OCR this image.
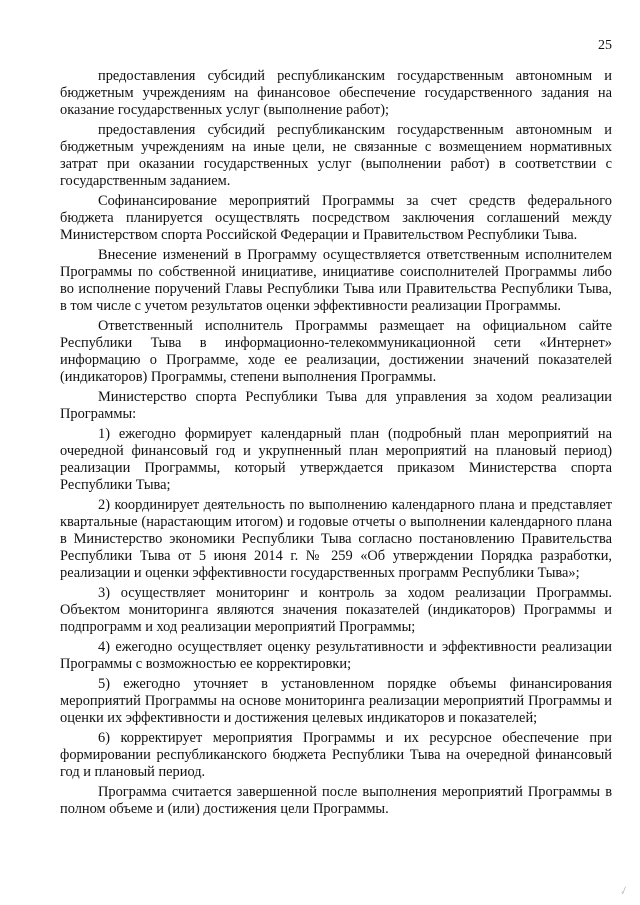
25

предоставления субсидий республиканским государственным автономным и бюджетным учреждениям на финансовое обеспечение государственного задания на оказание государственных услуг (выполнение работ);

предоставления субсидий республиканским государственным автономным и бюджетным учреждениям на иные цели, не связанные с возмещением нормативных затрат при оказании государственных услуг (выполнении работ) в соответствии с государственным заданием.

Софинансирование мероприятий Программы за счет средств федерального бюджета планируется осуществлять посредством заключения соглашений между Министерством спорта Российской Федерации и Правительством Республики Тыва.

Внесение изменений в Программу осуществляется ответственным исполнителем Программы по собственной инициативе, инициативе соисполнителей Программы либо во исполнение поручений Главы Республики Тыва или Правительства Республики Тыва, в том числе с учетом результатов оценки эффективности реализации Программы.

Ответственный исполнитель Программы размещает на официальном сайте Республики Тыва в информационно-телекоммуникационной сети «Интернет» информацию о Программе, ходе ее реализации, достижении значений показателей (индикаторов) Программы, степени выполнения Программы.

Министерство спорта Республики Тыва для управления за ходом реализации Программы:

1) ежегодно формирует календарный план (подробный план мероприятий на очередной финансовый год и укрупненный план мероприятий на плановый период) реализации Программы, который утверждается приказом Министерства спорта Республики Тыва;

2) координирует деятельность по выполнению календарного плана и представляет квартальные (нарастающим итогом) и годовые отчеты о выполнении календарного плана в Министерство экономики Республики Тыва согласно постановлению Правительства Республики Тыва от 5 июня 2014 г. № 259 «Об утверждении Порядка разработки, реализации и оценки эффективности государственных программ Республики Тыва»;

3) осуществляет мониторинг и контроль за ходом реализации Программы. Объектом мониторинга являются значения показателей (индикаторов) Программы и подпрограмм и ход реализации мероприятий Программы;

4) ежегодно осуществляет оценку результативности и эффективности реализации Программы с возможностью ее корректировки;

5) ежегодно уточняет в установленном порядке объемы финансирования мероприятий Программы на основе мониторинга реализации мероприятий Программы и оценки их эффективности и достижения целевых индикаторов и показателей;

6) корректирует мероприятия Программы и их ресурсное обеспечение при формировании республиканского бюджета Республики Тыва на очередной финансовый год и плановый период.

Программа считается завершенной после выполнения мероприятий Программы в полном объеме и (или) достижения цели Программы.

˓̸
